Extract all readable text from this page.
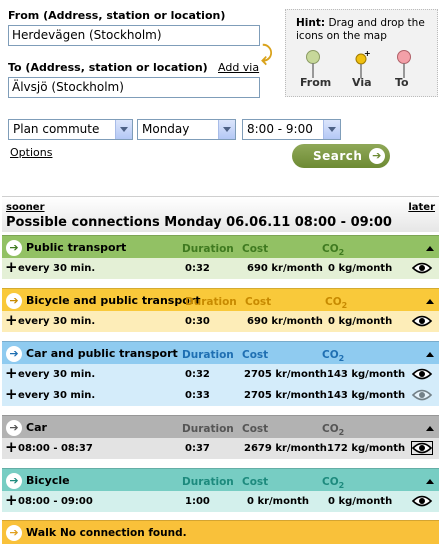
From (Address, station or location)
Herdevägen (Stockholm)
⤸
To (Address, station or location) Add via
Älvsjö (Stockholm)
Hint: Drag and drop the icons on the map
From
+
Via To
Plan commute	Monday	8:00 - 9:00
Options	Search ➔
sooner	later
Possible connections Monday 06.06.11 08:00 - 09:00
➔ Public transport	Duration Cost	$CO_2$
+ every 30 min.	0:32	690 kr/month 0 kg/month
➔ Bicycle and public transport
Duration Cost	$CO_2$
+ every 30 min.	0:30	690 kr/month 0 kg/month
➔ Car and public transport Duration Cost	$CO_2$
+ every 30 min.	0:32	2705 kr/month 143 kg/month
+ every 30 min.	0:33	2705 kr/month 143 kg/month
➔ Car	Duration Cost	$CO_2$
+ 08:00 - 08:37	0:37	2679 kr/month 172 kg/month
➔ Bicycle	Duration Cost	$CO_2$
+ 08:00 - 09:00	1:00	0 kr/month 0 kg/month
➔ Walk No connection found.
